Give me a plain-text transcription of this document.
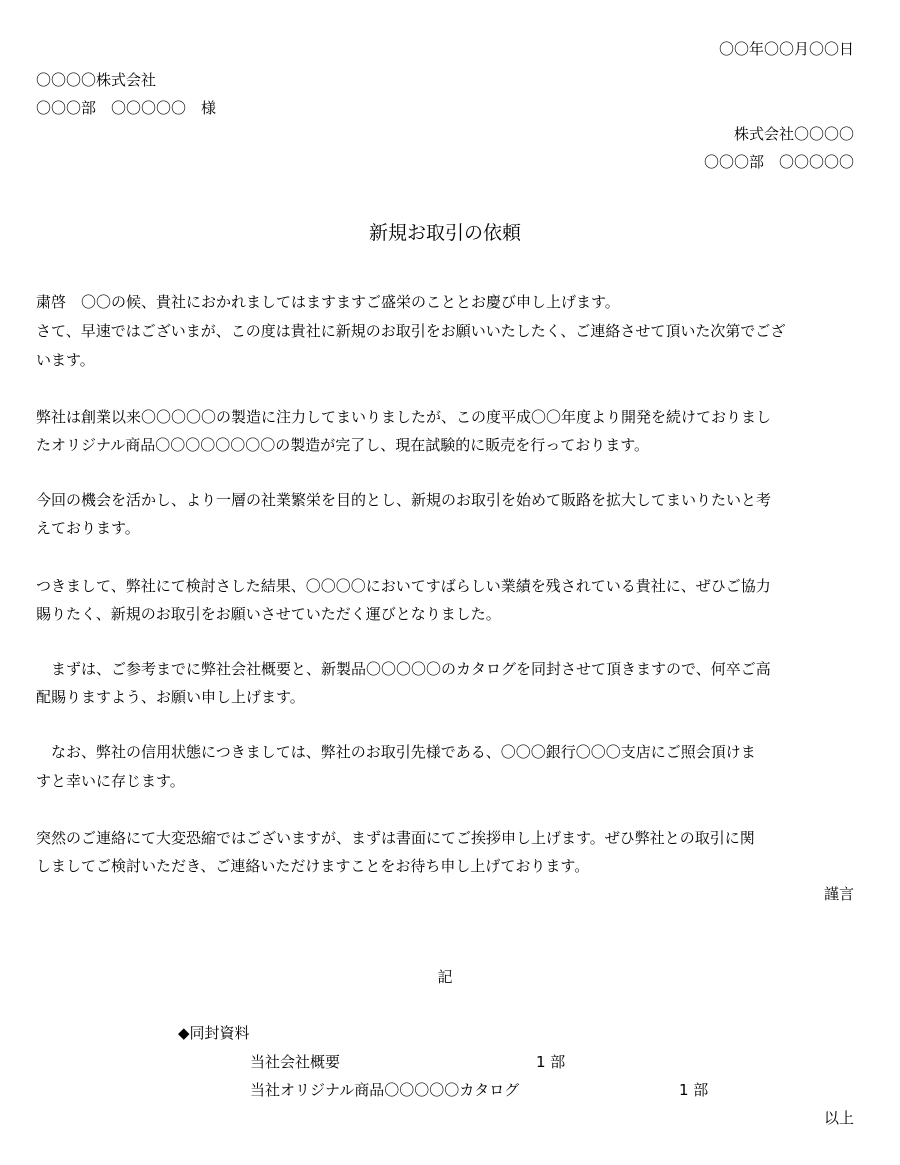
〇〇年〇〇月〇〇日
〇〇〇〇株式会社
〇〇〇部　〇〇〇〇〇　様
株式会社〇〇〇〇
〇〇〇部　〇〇〇〇〇
新規お取引の依頼
粛啓　〇〇の候、貴社におかれましてはますますご盛栄のこととお慶び申し上げます。
さて、早速ではございまが、この度は貴社に新規のお取引をお願いいたしたく、ご連絡させて頂いた次第でござ
います。
弊社は創業以来〇〇〇〇〇の製造に注力してまいりましたが、この度平成〇〇年度より開発を続けておりまし
たオリジナル商品〇〇〇〇〇〇〇〇の製造が完了し、現在試験的に販売を行っております。
今回の機会を活かし、より一層の社業繁栄を目的とし、新規のお取引を始めて販路を拡大してまいりたいと考
えております。
つきまして、弊社にて検討さした結果、〇〇〇〇においてすばらしい業績を残されている貴社に、ぜひご協力
賜りたく、新規のお取引をお願いさせていただく運びとなりました。
　まずは、ご参考までに弊社会社概要と、新製品〇〇〇〇〇のカタログを同封させて頂きますので、何卒ご高
配賜りますよう、お願い申し上げます。
　なお、弊社の信用状態につきましては、弊社のお取引先様である、〇〇〇銀行〇〇〇支店にご照会頂けま
すと幸いに存じます。
突然のご連絡にて大変恐縮ではございますが、まずは書面にてご挨拶申し上げます。ぜひ弊社との取引に関
しましてご検討いただき、ご連絡いただけますことをお待ち申し上げております。
謹言
記
◆同封資料
当社会社概要	1 部
当社オリジナル商品〇〇〇〇〇カタログ	1 部
以上
